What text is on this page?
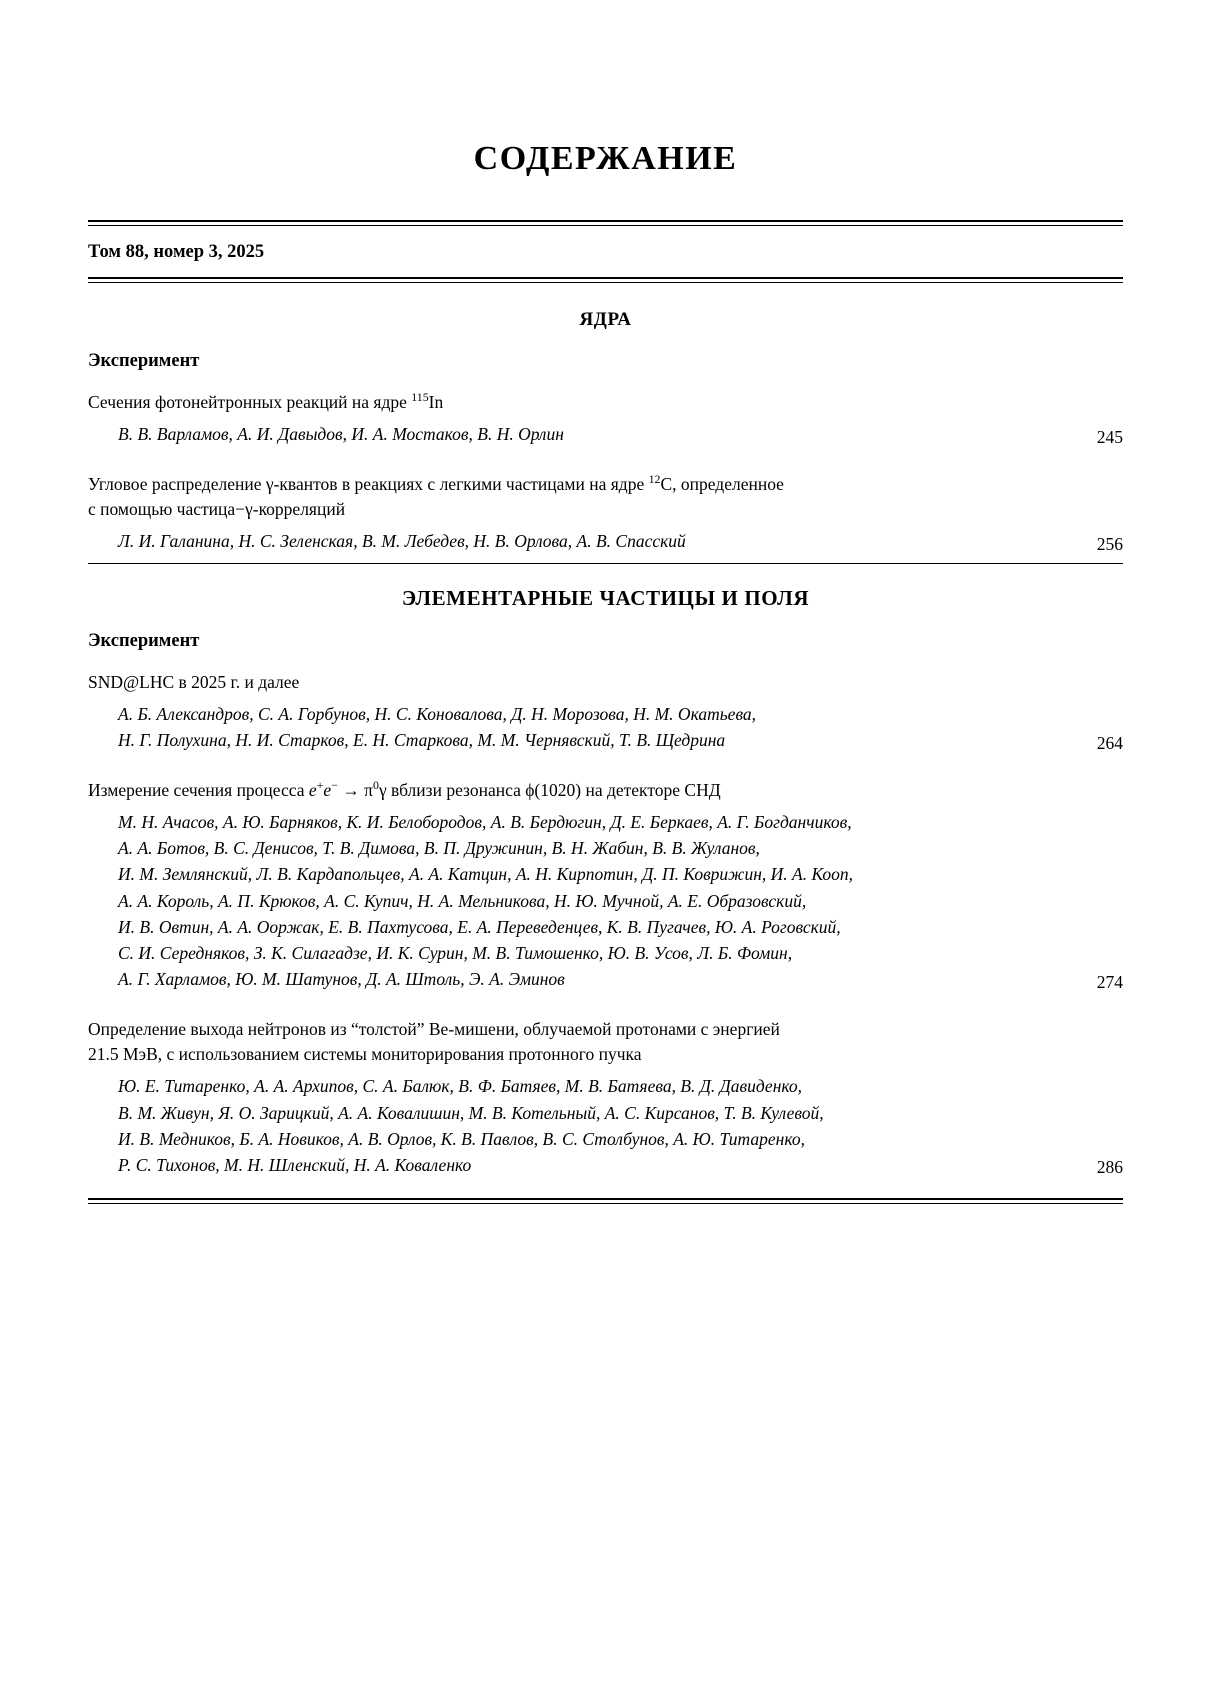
СОДЕРЖАНИЕ
Том 88, номер 3, 2025
ЯДРА
Эксперимент
Сечения фотонейтронных реакций на ядре $^{115}$In
В. В. Варламов, А. И. Давыдов, И. А. Мостаков, В. Н. Орлин	245
Угловое распределение γ-квантов в реакциях с легкими частицами на ядре $^{12}$C, определенное
с помощью частица−γ-корреляций
Л. И. Галанина, Н. С. Зеленская, В. М. Лебедев, Н. В. Орлова, А. В. Спасский	256
ЭЛЕМЕНТАРНЫЕ ЧАСТИЦЫ И ПОЛЯ
Эксперимент
SND@LHC в 2025 г. и далее
А. Б. Александров, С. А. Горбунов, Н. С. Коновалова, Д. Н. Морозова, Н. М. Окатьева,
Н. Г. Полухина, Н. И. Старков, Е. Н. Старкова, М. М. Чернявский, Т. В. Щедрина	264
Измерение сечения процесса $e^+e^- \to \pi^0\gamma$ вблизи резонанса ϕ(1020) на детекторе СНД
М. Н. Ачасов, А. Ю. Барняков, К. И. Белобородов, А. В. Бердюгин, Д. Е. Беркаев, А. Г. Богданчиков,
А. А. Ботов, В. С. Денисов, Т. В. Димова, В. П. Дружинин, В. Н. Жабин, В. В. Жуланов,
И. М. Землянский, Л. В. Кардапольцев, А. А. Катцин, А. Н. Кирпотин, Д. П. Коврижин, И. А. Кооп,
А. А. Король, А. П. Крюков, А. С. Купич, Н. А. Мельникова, Н. Ю. Мучной, А. Е. Образовский,
И. В. Овтин, А. А. Ооржак, Е. В. Пахтусова, Е. А. Переведенцев, К. В. Пугачев, Ю. А. Роговский,
С. И. Середняков, З. К. Силагадзе, И. К. Сурин, М. В. Тимошенко, Ю. В. Усов, Л. Б. Фомин,
А. Г. Харламов, Ю. М. Шатунов, Д. А. Штоль, Э. А. Эминов	274
Определение выхода нейтронов из “толстой” Ве-мишени, облучаемой протонами с энергией
21.5 МэВ, с использованием системы мониторирования протонного пучка
Ю. Е. Титаренко, А. А. Архипов, С. А. Балюк, В. Ф. Батяев, М. В. Батяева, В. Д. Давиденко,
В. М. Живун, Я. О. Зарицкий, А. А. Ковалишин, М. В. Котельный, А. С. Кирсанов, Т. В. Кулевой,
И. В. Медников, Б. А. Новиков, А. В. Орлов, К. В. Павлов, В. С. Столбунов, А. Ю. Титаренко,
Р. С. Тихонов, М. Н. Шленский, Н. А. Коваленко	286
